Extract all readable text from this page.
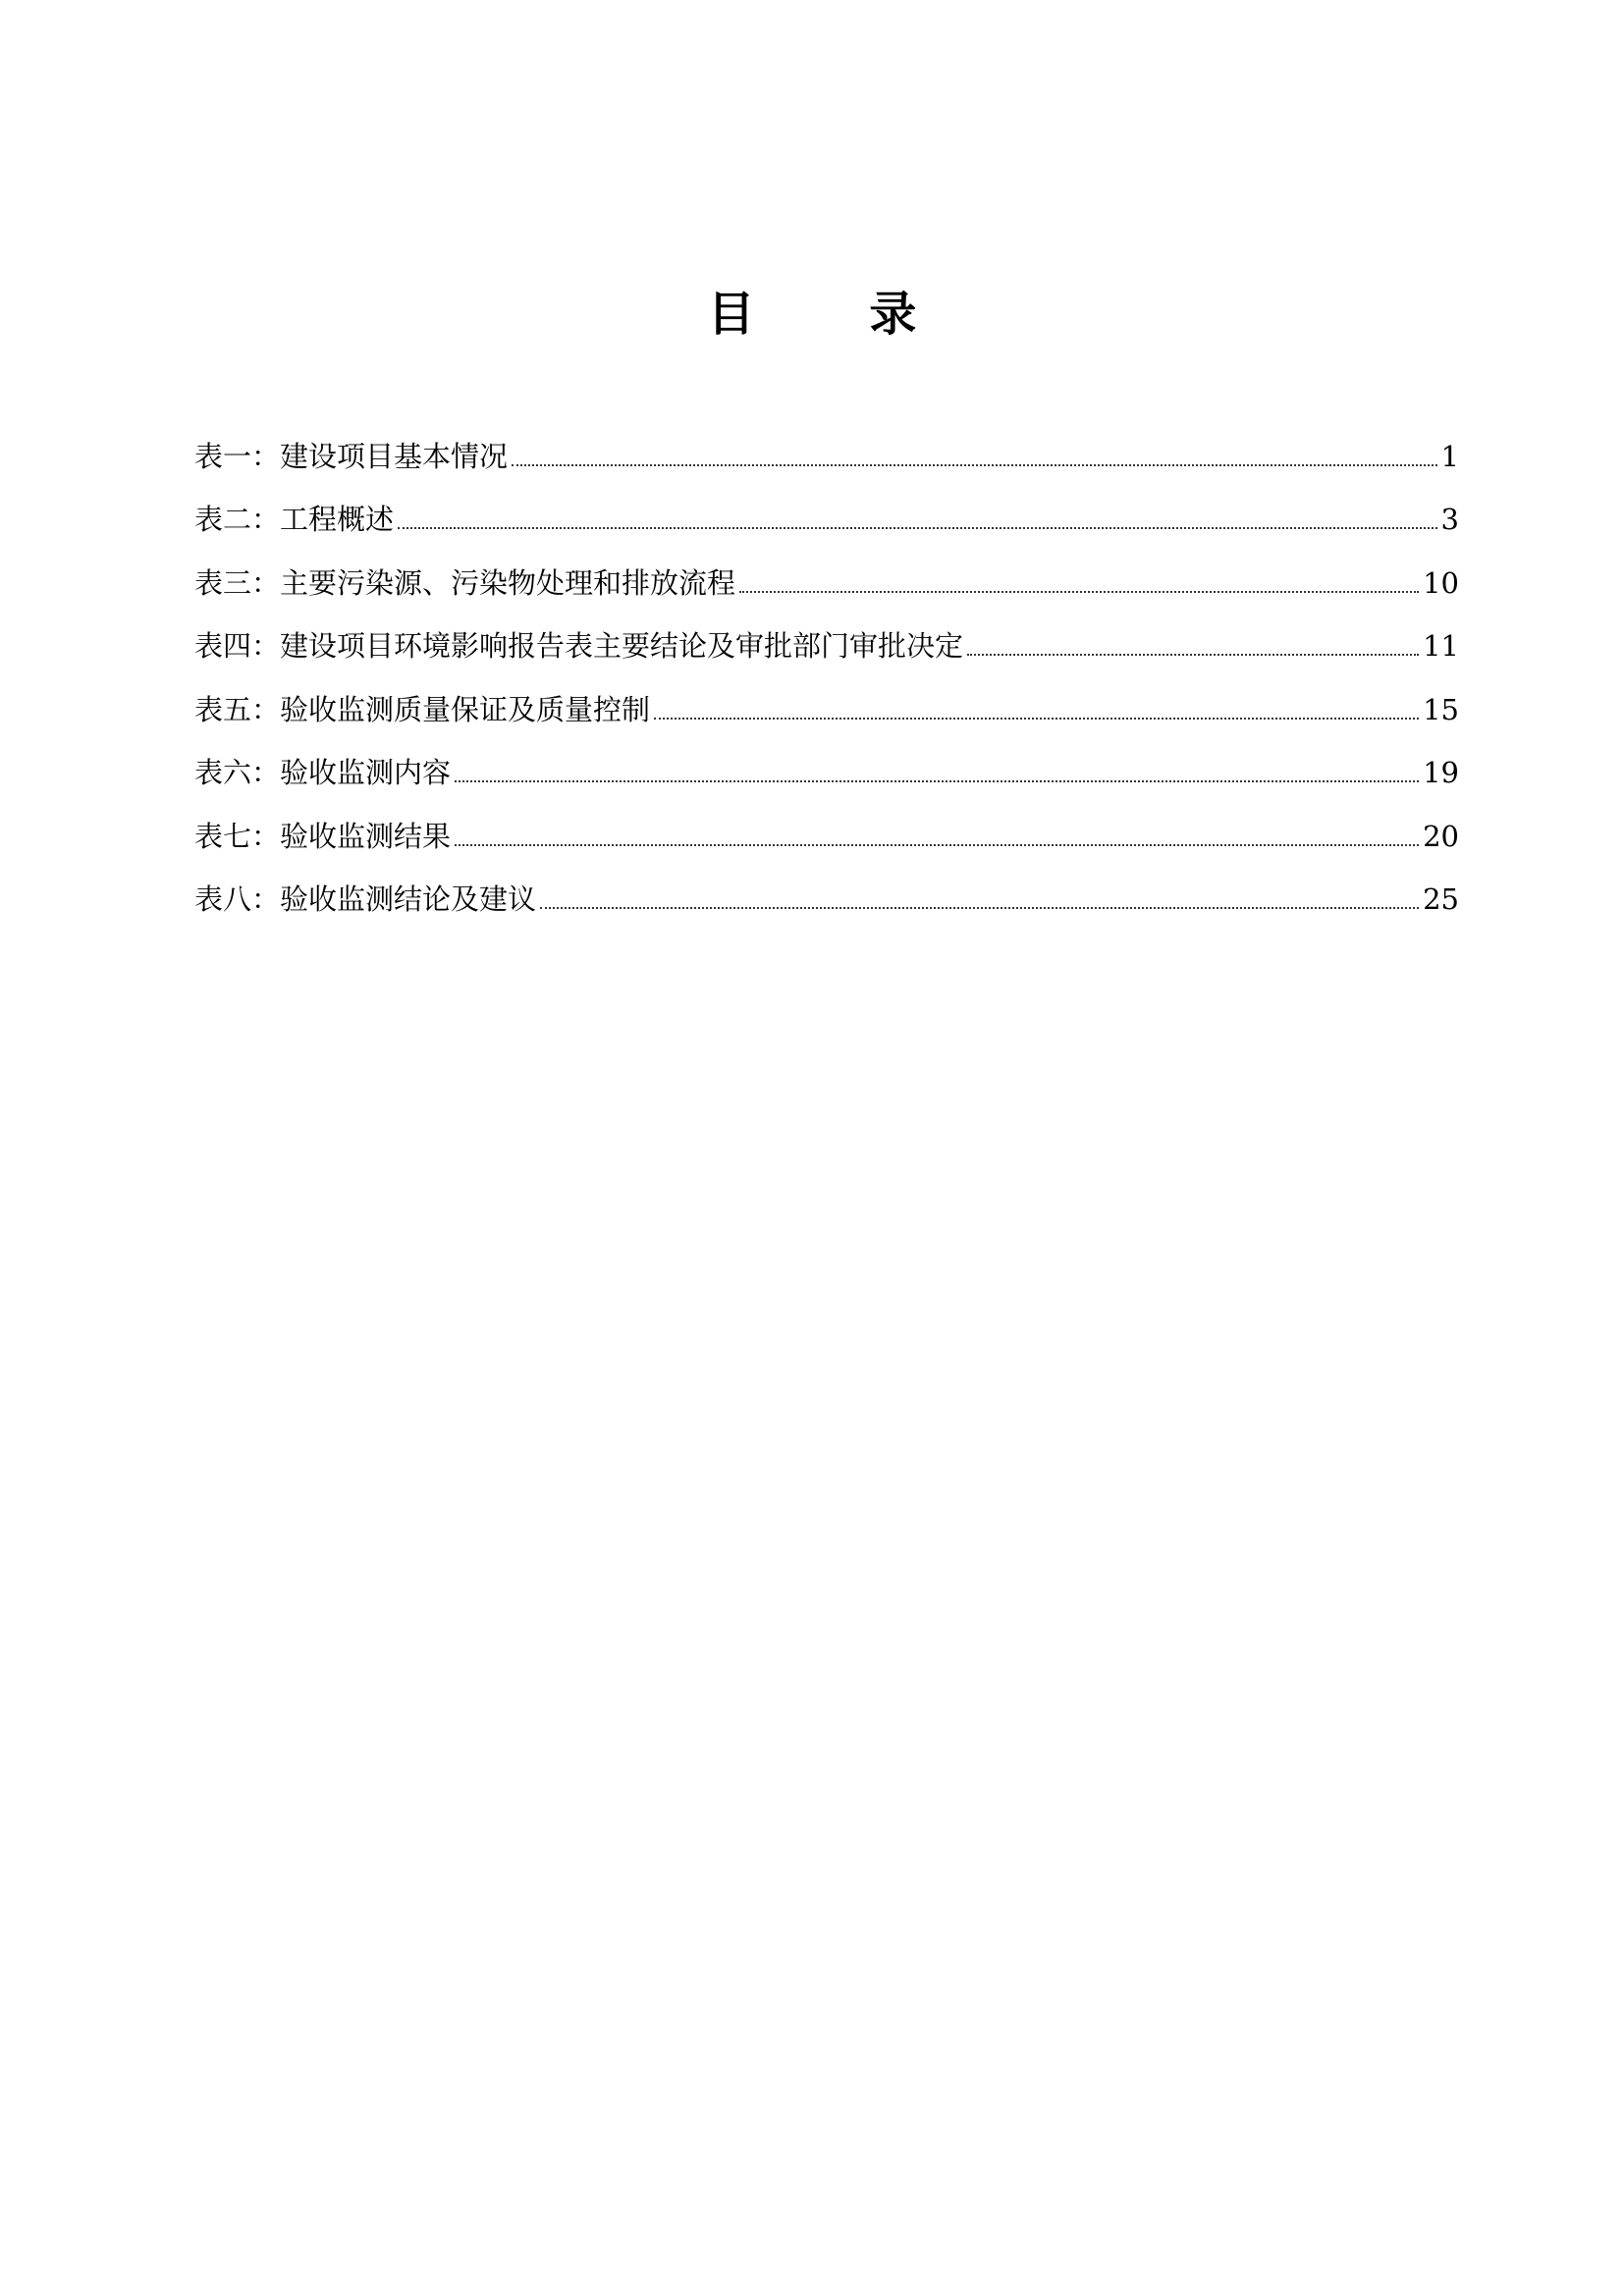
目 录
表一：建设项目基本情况	1
表二：工程概述	3
表三：主要污染源、污染物处理和排放流程	10
表四：建设项目环境影响报告表主要结论及审批部门审批决定	11
表五：验收监测质量保证及质量控制	15
表六：验收监测内容	19
表七：验收监测结果	20
表八：验收监测结论及建议	25
